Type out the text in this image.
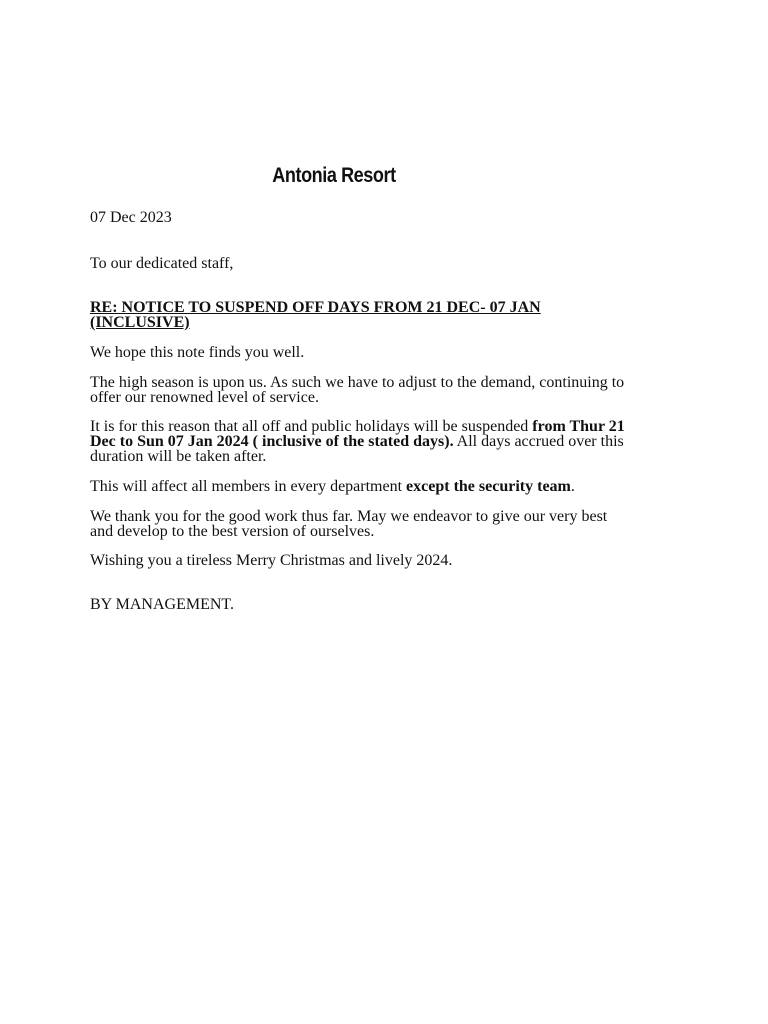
Antonia Resort
07 Dec 2023
To our dedicated staff,
RE: NOTICE TO SUSPEND OFF DAYS FROM 21 DEC- 07 JAN (INCLUSIVE)
We hope this note finds you well.
The high season is upon us. As such we have to adjust to the demand, continuing to offer our renowned level of service.
It is for this reason that all off and public holidays will be suspended from Thur 21 Dec to Sun 07 Jan 2024 ( inclusive of the stated days). All days accrued over this duration will be taken after.
This will affect all members in every department except the security team.
We thank you for the good work thus far. May we endeavor to give our very best and develop to the best version of ourselves.
Wishing you a tireless Merry Christmas and lively 2024.
BY MANAGEMENT.
